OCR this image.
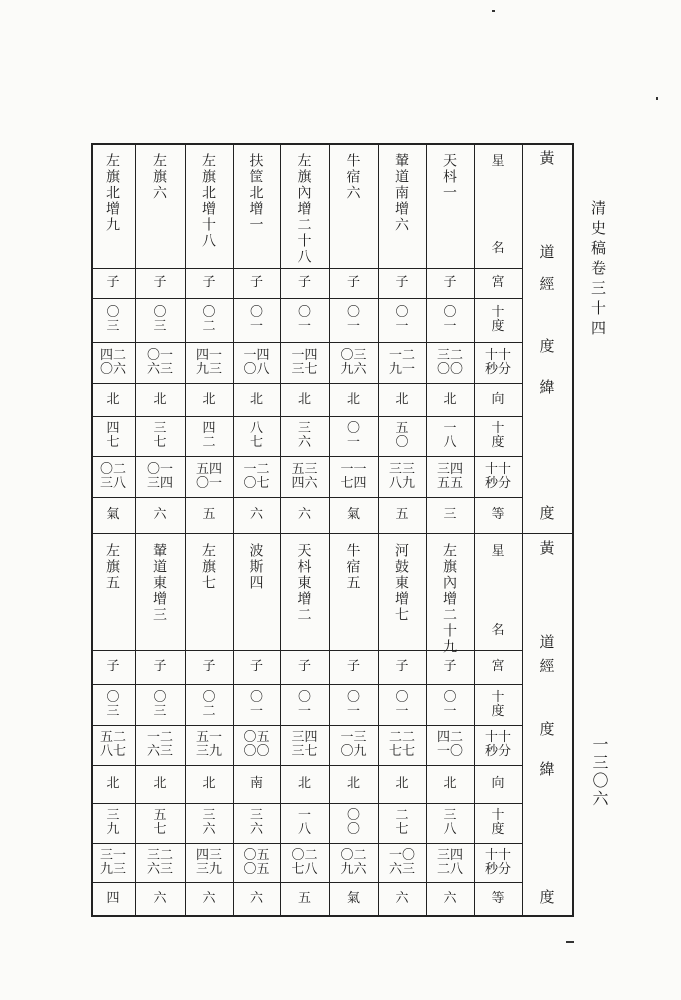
天枓一
子
〇
一
三二
〇〇
北
一
八
三四
五五
三
輦道南增六
子
〇
一
一二
九一
北
五
〇
三三
八九
五
牛宿六
子
〇
一
〇三
九六
北
〇
一
一一
七四
氣
左旗內增二十八
子
〇
一
一四
三七
北
三
六
五三
四六
六
扶筐北增一
子
〇
一
一四
〇八
北
八
七
一二
〇七
六
左旗北增十八
子
〇
二
四一
九三
北
四
二
五四
〇一
五
左旗六
子
〇
三
〇一
六三
北
三
七
〇一
三四
六
左旗北增九
子
〇
三
四二
〇六
北
四
七
〇二
三八
氣
星
名
宮
十
度
十十
秒分
十
度
十十
秒分
向
等
黃
道
經
度
緯
度
左旗內增二十九
子
〇
一
四二
一〇
北
三
八
三四
二八
六
河鼓東增七
子
〇
一
二二
七七
北
二
七
一〇
六三
六
牛宿五
子
〇
一
一三
〇九
北
〇
〇
〇二
九六
氣
天枓東增二
子
〇
一
三四
三七
北
一
八
〇二
七八
五
波斯四
子
〇
一
〇五
〇〇
南
三
六
〇五
〇五
六
左旗七
子
〇
二
五一
三九
北
三
六
四三
三九
六
輦道東增三
子
〇
三
一二
六三
北
五
七
三二
六三
六
左旗五
子
〇
三
五二
八七
北
三
九
三一
九三
四
星
名
宮
十
度
十十
秒分
十
度
十十
秒分
向
等
黃
道
經
度
緯
度
清史稿卷三十四
一三〇六
